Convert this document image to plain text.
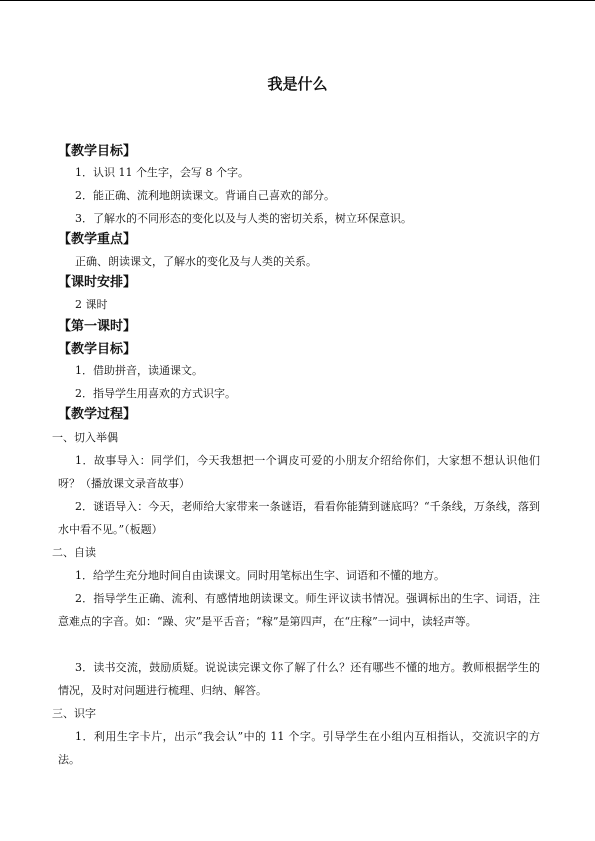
我是什么
【教学目标】
1．认识 11 个生字，会写 8 个字。
2．能正确、流利地朗读课文。背诵自己喜欢的部分。
3．了解水的不同形态的变化以及与人类的密切关系，树立环保意识。
【教学重点】
正确、朗读课文，了解水的变化及与人类的关系。
【课时安排】
2 课时
【第一课时】
【教学目标】
1．借助拼音，读通课文。
2．指导学生用喜欢的方式识字。
【教学过程】
一、切入举偶
1．故事导入：同学们，今天我想把一个调皮可爱的小朋友介绍给你们，大家想不想认识他们呀？（播放课文录音故事）
2．谜语导入：今天，老师给大家带来一条谜语，看看你能猜到谜底吗？“千条线，万条线，落到水中看不见。”（板题）
二、自读
1．给学生充分地时间自由读课文。同时用笔标出生字、词语和不懂的地方。
2．指导学生正确、流利、有感情地朗读课文。师生评议读书情况。强调标出的生字、词语，注意难点的字音。如：“躁、灾”是平舌音；“稼”是第四声，在“庄稼”一词中，读轻声等。
3．读书交流，鼓励质疑。说说读完课文你了解了什么？还有哪些不懂的地方。教师根据学生的情况，及时对问题进行梳理、归纳、解答。
三、识字
1．利用生字卡片，出示“我会认”中的 11 个字。引导学生在小组内互相指认，交流识字的方法。
